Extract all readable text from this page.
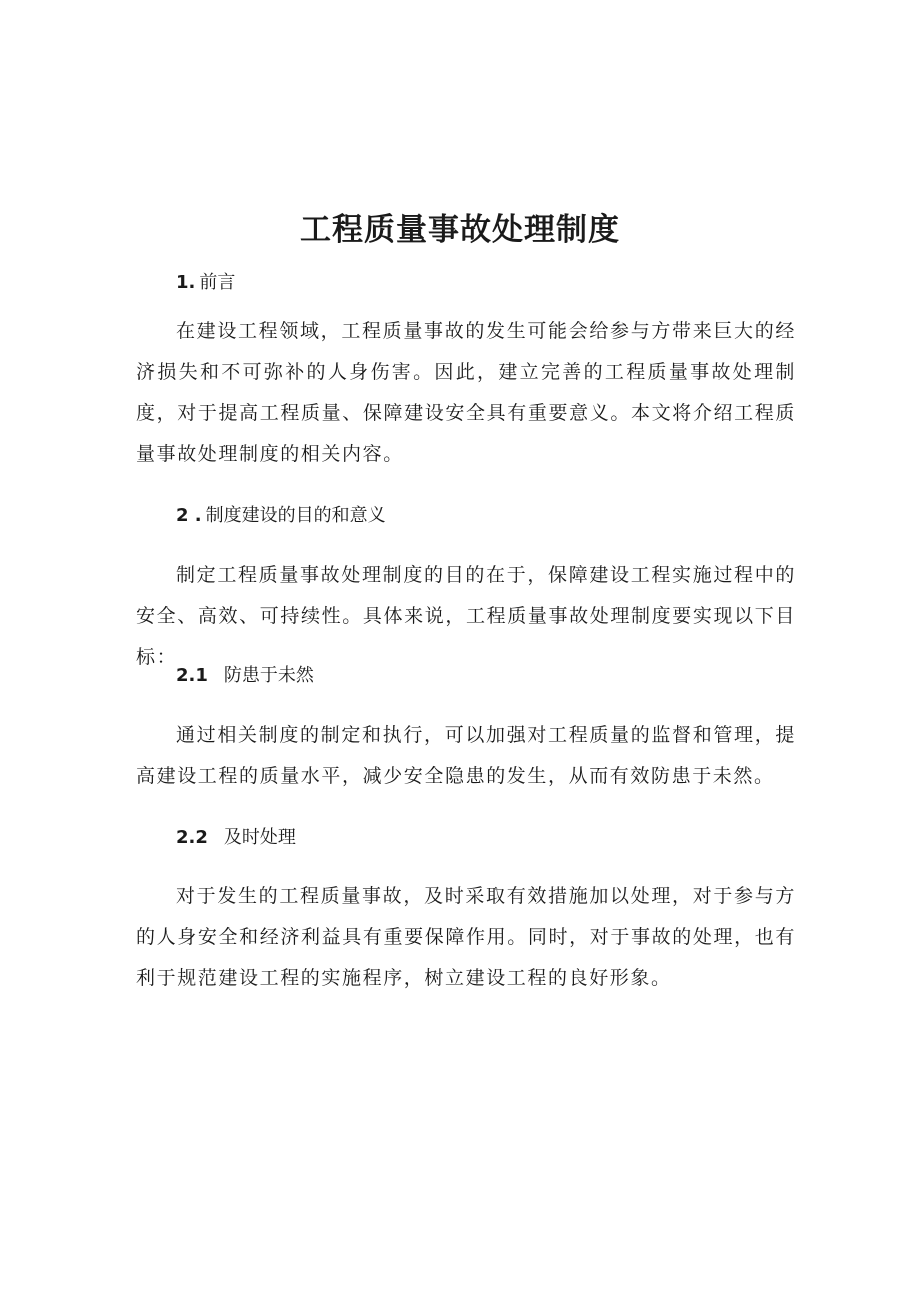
工程质量事故处理制度
1. 前言
在建设工程领域，工程质量事故的发生可能会给参与方带来巨大的经济损失和不可弥补的人身伤害。因此，建立完善的工程质量事故处理制度，对于提高工程质量、保障建设安全具有重要意义。本文将介绍工程质量事故处理制度的相关内容。
2 . 制度建设的目的和意义
制定工程质量事故处理制度的目的在于，保障建设工程实施过程中的安全、高效、可持续性。具体来说，工程质量事故处理制度要实现以下目标：
2.1 防患于未然
通过相关制度的制定和执行，可以加强对工程质量的监督和管理，提高建设工程的质量水平，减少安全隐患的发生，从而有效防患于未然。
2.2 及时处理
对于发生的工程质量事故，及时采取有效措施加以处理，对于参与方的人身安全和经济利益具有重要保障作用。同时，对于事故的处理，也有利于规范建设工程的实施程序，树立建设工程的良好形象。
